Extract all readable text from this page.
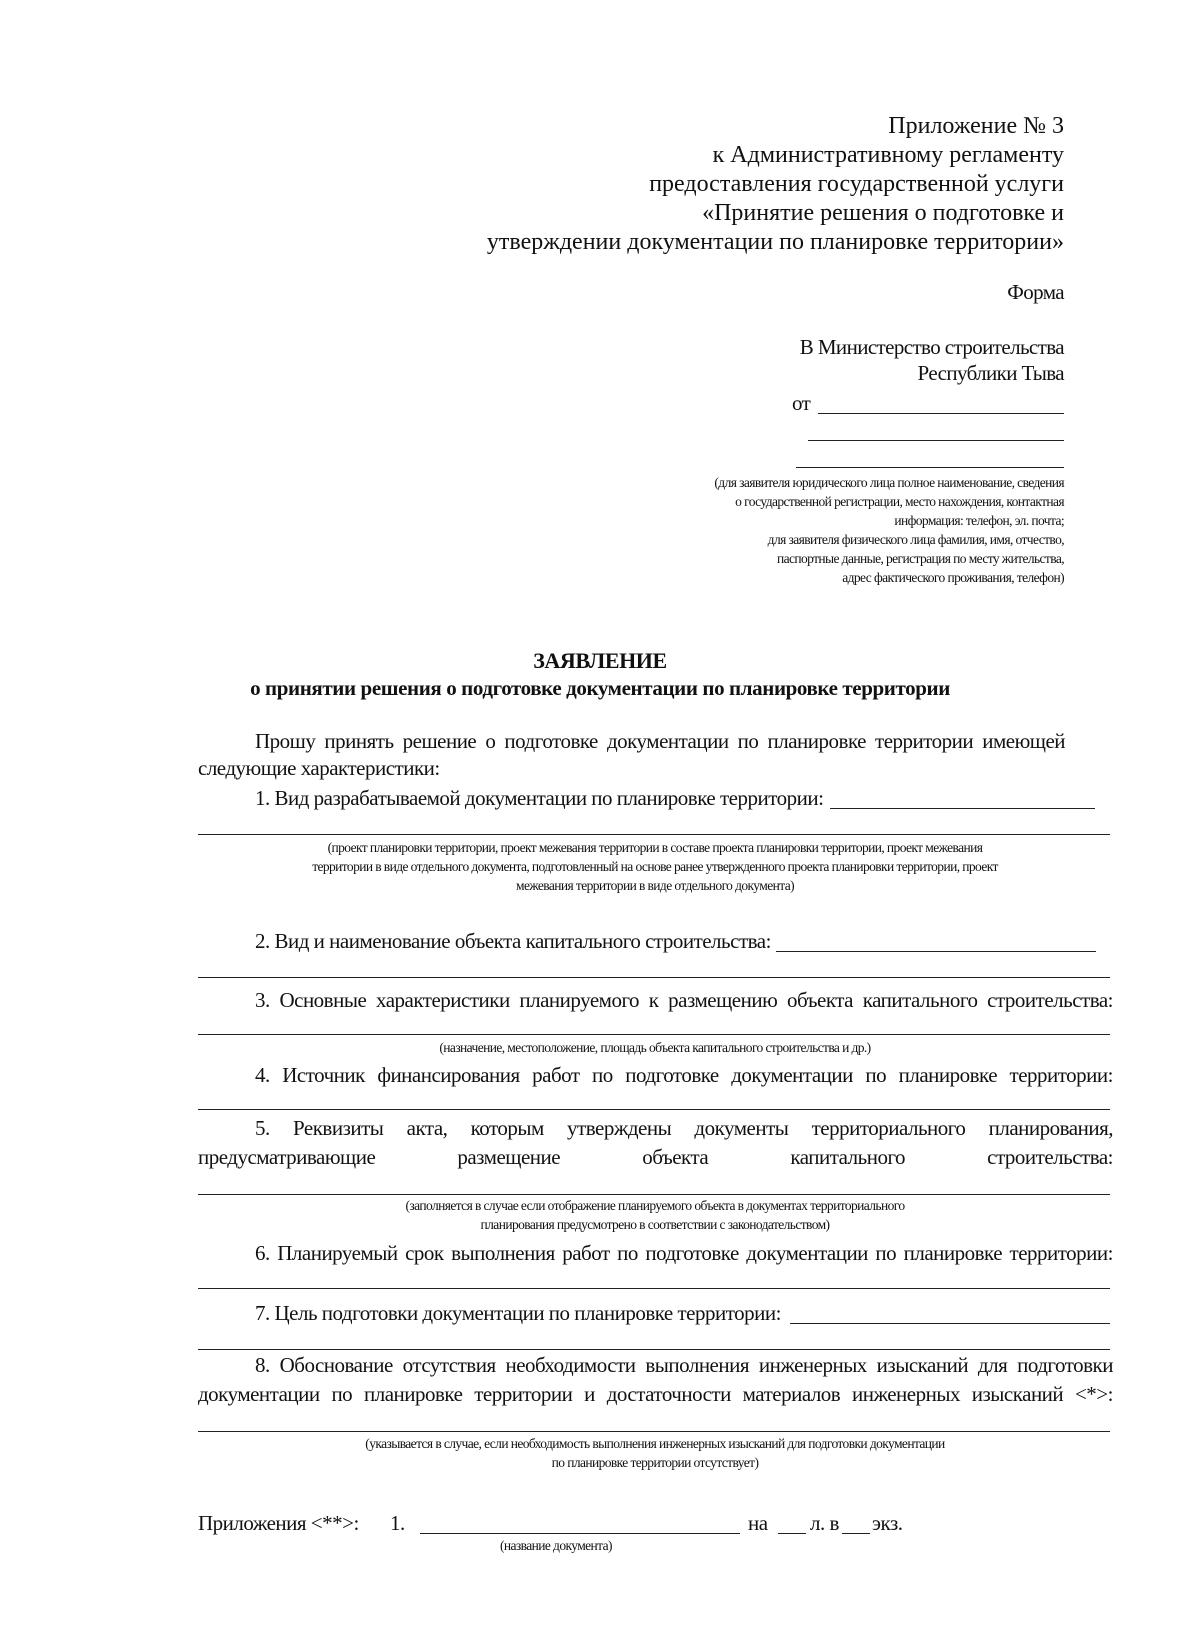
Приложение № 3
к Административному регламенту
предоставления государственной услуги
«Принятие решения о подготовке и
утверждении документации по планировке территории»
Форма
В Министерство строительства
Республики Тыва
от
(для заявителя юридического лица полное наименование, сведения
о государственной регистрации, место нахождения, контактная
информация: телефон, эл. почта;
для заявителя физического лица фамилия, имя, отчество,
паспортные данные, регистрация по месту жительства,
адрес фактического проживания, телефон)
ЗАЯВЛЕНИЕ
о принятии решения о подготовке документации по планировке территории
Прошу принять решение о подготовке документации по планировке территории имеющей
следующие характеристики:
1. Вид разрабатываемой документации по планировке территории:
(проект планировки территории, проект межевания территории в составе проекта планировки территории, проект межевания
территории в виде отдельного документа, подготовленный на основе ранее утвержденного проекта планировки территории, проект
межевания территории в виде отдельного документа)
2. Вид и наименование объекта капитального строительства:
3. Основные характеристики планируемого к размещению объекта капитального строительства:
(назначение, местоположение, площадь объекта капитального строительства и др.)
4. Источник финансирования работ по подготовке документации по планировке территории:
5. Реквизиты акта, которым утверждены документы территориального планирования,
предусматривающие размещение объекта капитального строительства:
(заполняется в случае если отображение планируемого объекта в документах территориального
планирования предусмотрено в соответствии с законодательством)
6. Планируемый срок выполнения работ по подготовке документации по планировке территории:
7. Цель подготовки документации по планировке территории:
8. Обоснование отсутствия необходимости выполнения инженерных изысканий для подготовки
документации по планировке территории и достаточности материалов инженерных изысканий <*>:
(указывается в случае, если необходимость выполнения инженерных изысканий для подготовки документации
по планировке территории отсутствует)
Приложения <**>: 1.	на л. в экз.
(название документа)
